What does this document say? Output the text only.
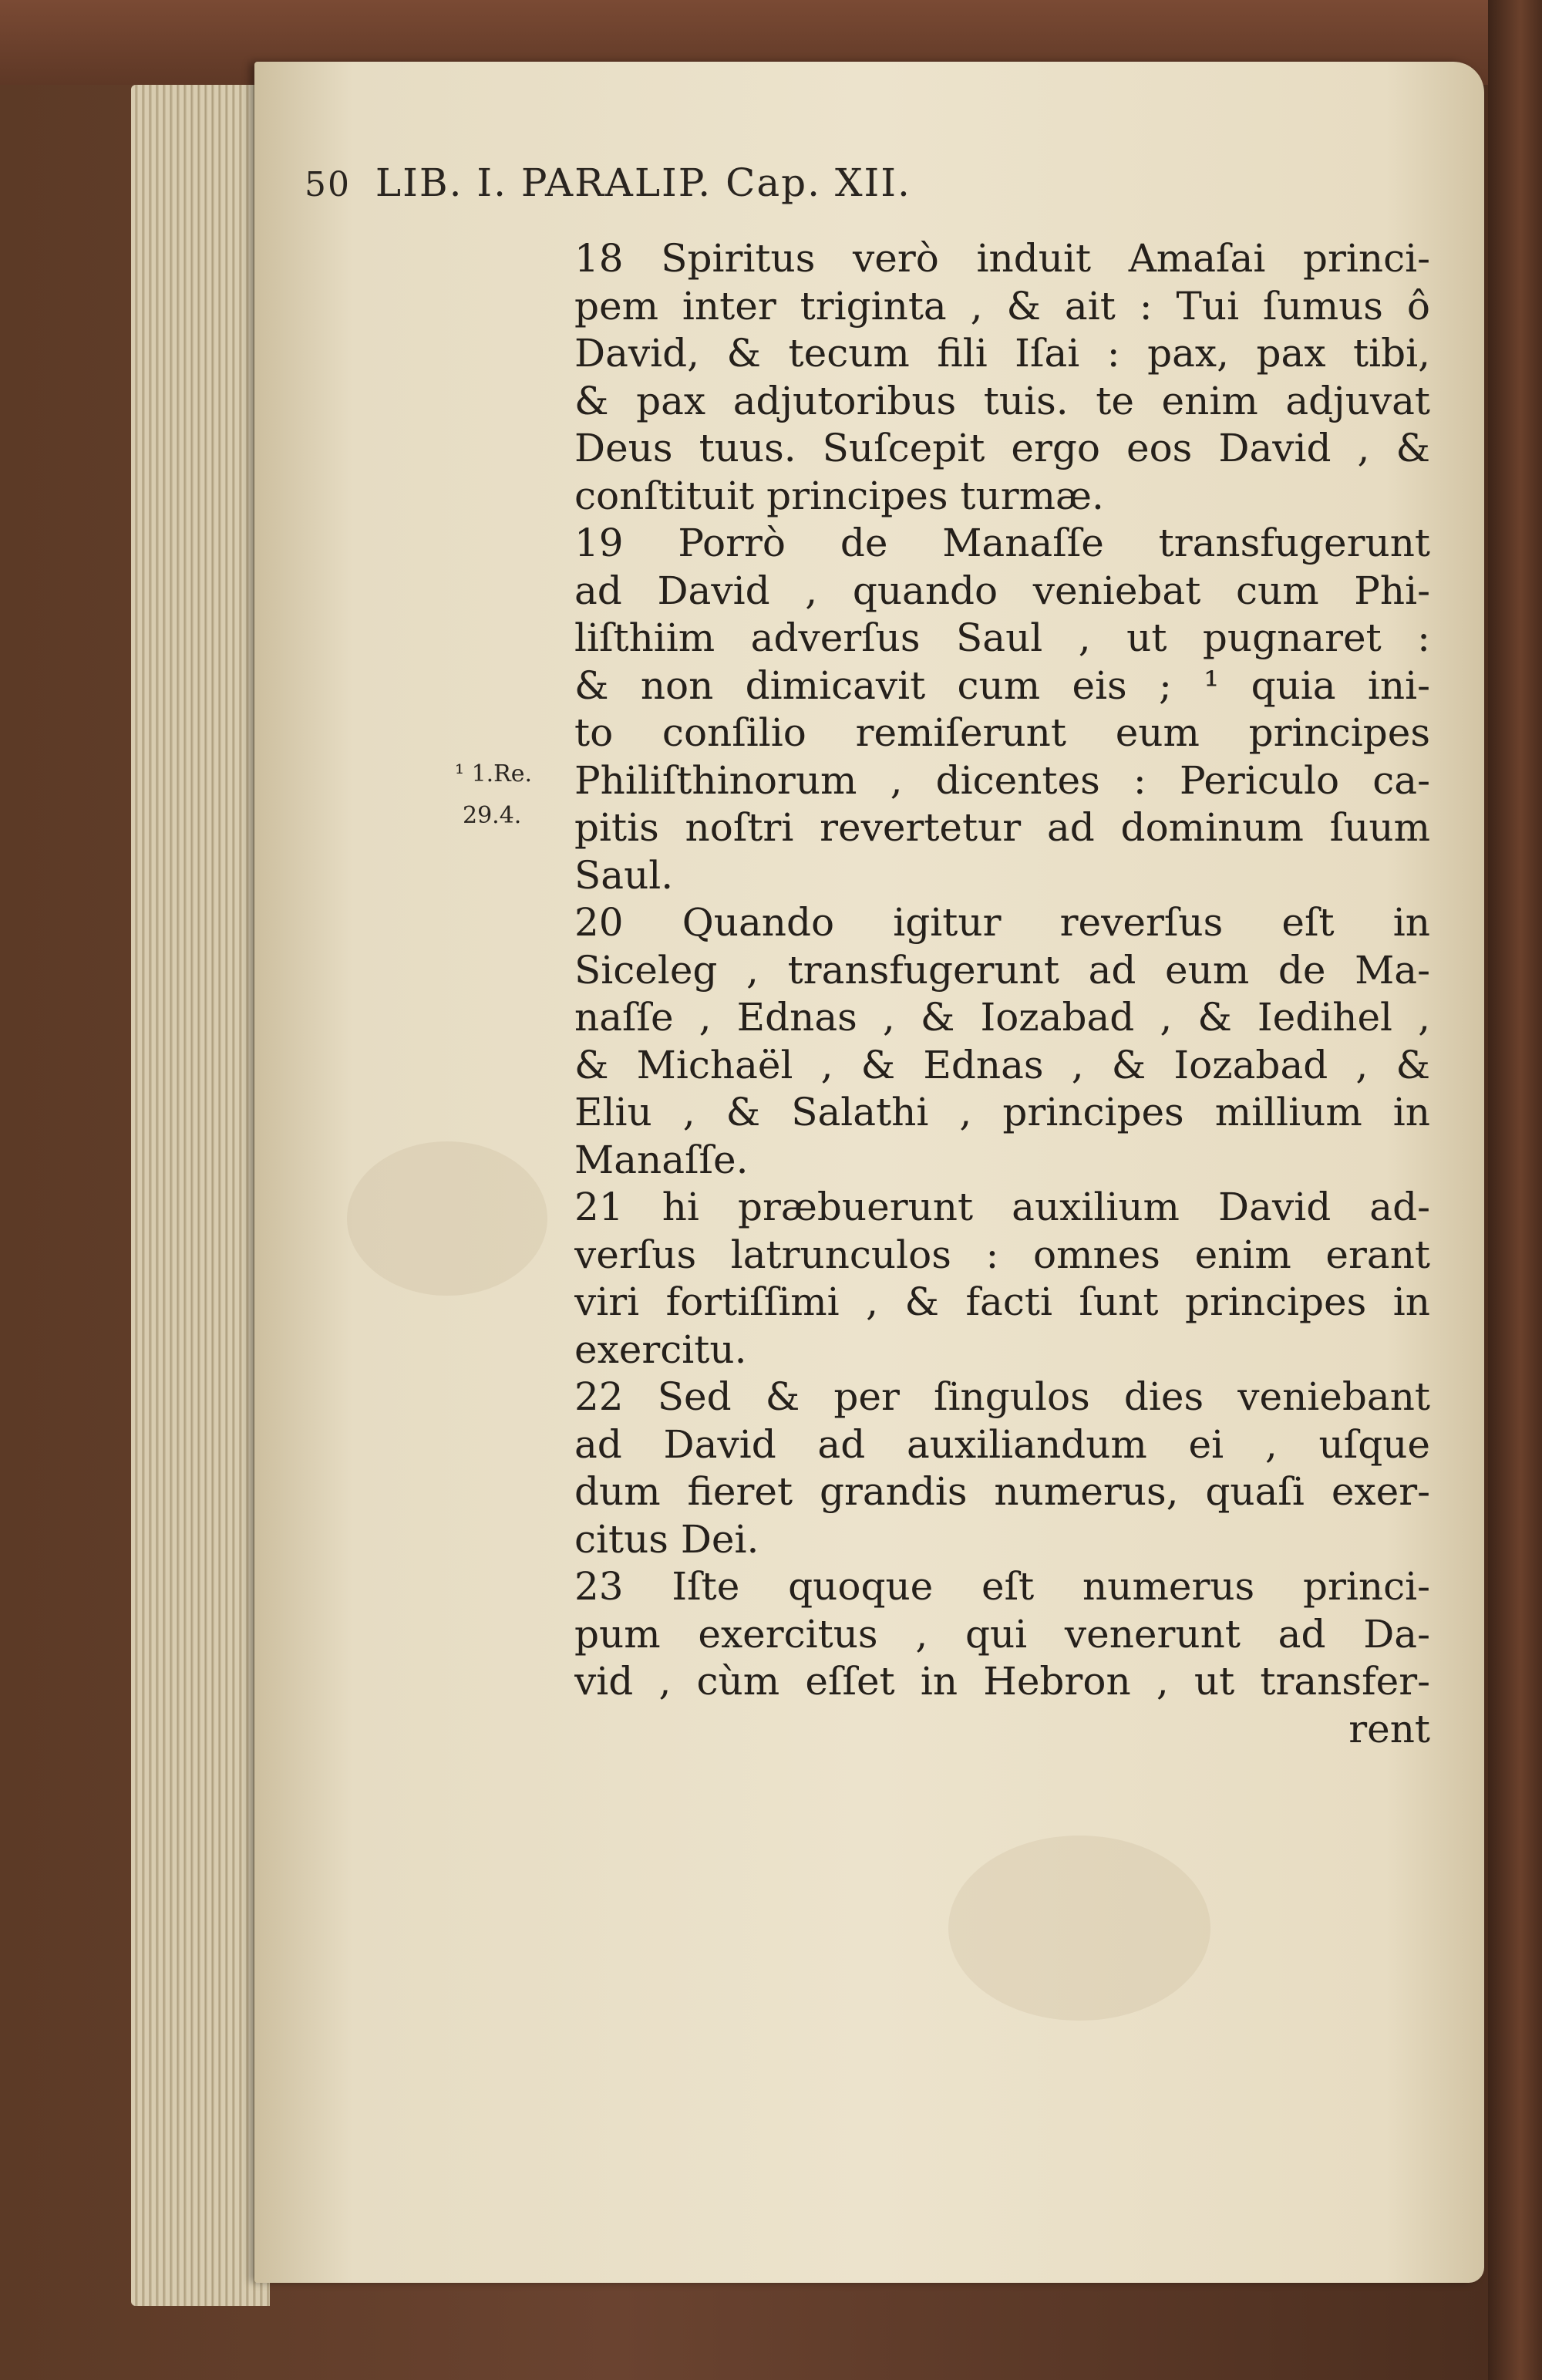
50 LIB. I. PARALIP. Cap. XII.
¹ 1.Re.
29.4.
18 Spiritus verò induit Amaſai princi-
pem inter triginta , & ait : Tui ſumus ô
David, & tecum fili Iſai : pax, pax tibi,
& pax adjutoribus tuis. te enim adjuvat
Deus tuus. Suſcepit ergo eos David , &
conſtituit principes turmæ.
19 Porrò de Manaſſe transfugerunt
ad David , quando veniebat cum Phi-
liſthiim adverſus Saul , ut pugnaret :
& non dimicavit cum eis ; ¹ quia ini-
to conſilio remiſerunt eum principes
Philiſthinorum , dicentes : Periculo ca-
pitis noſtri revertetur ad dominum ſuum
Saul.
20 Quando igitur reverſus eſt in
Siceleg , transfugerunt ad eum de Ma-
naſſe , Ednas , & Iozabad , & Iedihel ,
& Michaël , & Ednas , & Iozabad , &
Eliu , & Salathi , principes millium in
Manaſſe.
21 hi præbuerunt auxilium David ad-
verſus latrunculos : omnes enim erant
viri fortiſſimi , & facti ſunt principes in
exercitu.
22 Sed & per ſingulos dies veniebant
ad David ad auxiliandum ei , uſque
dum fieret grandis numerus, quaſi exer-
citus Dei.
23 Iſte quoque eſt numerus princi-
pum exercitus , qui venerunt ad Da-
vid , cùm eſſet in Hebron , ut transfer-
rent
